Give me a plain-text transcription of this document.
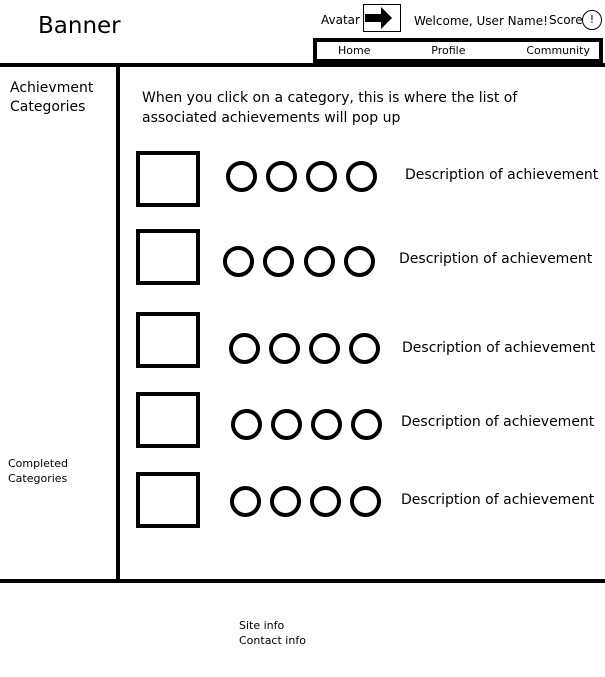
Banner	Avatar	Welcome, User Name! Score !
Home	Profile	Community
Achievment
Categories
Completed
Categories
When you click on a category, this is where the list of associated achievements will pop up
Description of achievement
Description of achievement
Description of achievement
Description of achievement
Description of achievement
Site info
Contact info
